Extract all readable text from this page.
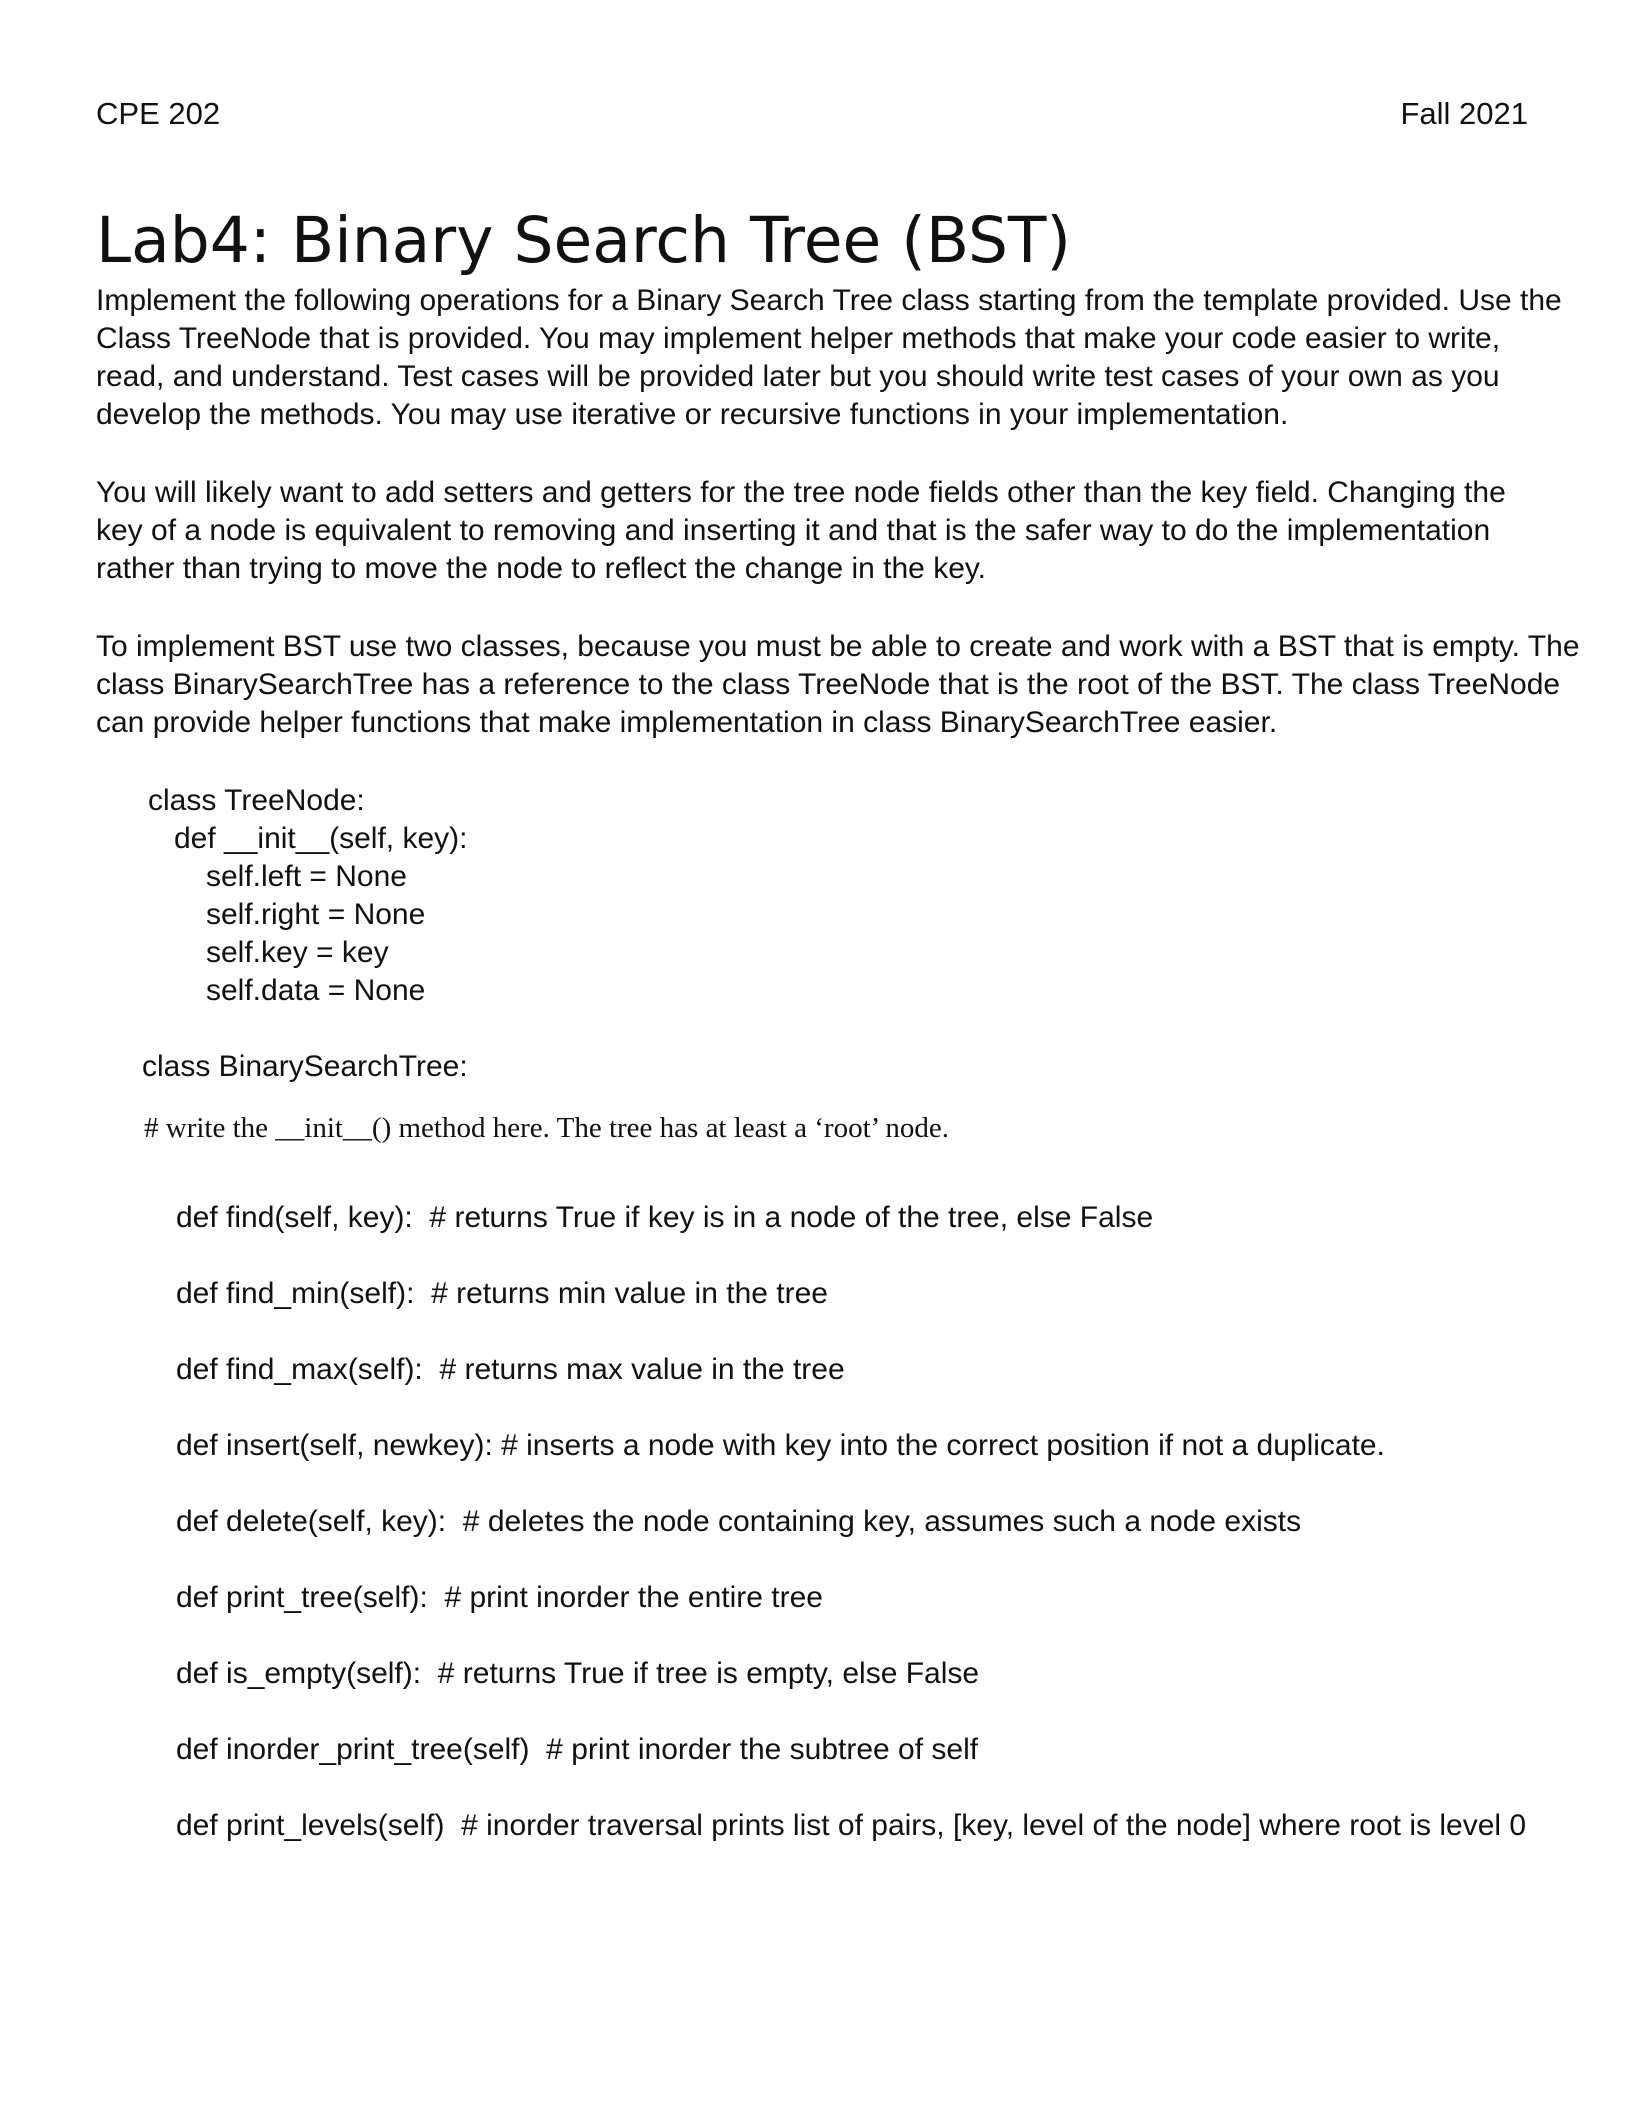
CPE 202	Fall 2021
Lab4: Binary Search Tree (BST)
Implement the following operations for a Binary Search Tree class starting from the template provided. Use the
Class TreeNode that is provided. You may implement helper methods that make your code easier to write,
read, and understand. Test cases will be provided later but you should write test cases of your own as you
develop the methods. You may use iterative or recursive functions in your implementation.
You will likely want to add setters and getters for the tree node fields other than the key field. Changing the
key of a node is equivalent to removing and inserting it and that is the safer way to do the implementation
rather than trying to move the node to reflect the change in the key.
To implement BST use two classes, because you must be able to create and work with a BST that is empty. The
class BinarySearchTree has a reference to the class TreeNode that is the root of the BST. The class TreeNode
can provide helper functions that make implementation in class BinarySearchTree easier.
class TreeNode:
def __init__(self, key):
self.left = None
self.right = None
self.key = key
self.data = None
class BinarySearchTree:
# write the __init__() method here. The tree has at least a ‘root’ node.
def find(self, key):  # returns True if key is in a node of the tree, else False
def find_min(self):  # returns min value in the tree
def find_max(self):  # returns max value in the tree
def insert(self, newkey): # inserts a node with key into the correct position if not a duplicate.
def delete(self, key):  # deletes the node containing key, assumes such a node exists
def print_tree(self):  # print inorder the entire tree
def is_empty(self):  # returns True if tree is empty, else False
def inorder_print_tree(self)  # print inorder the subtree of self
def print_levels(self)  # inorder traversal prints list of pairs, [key, level of the node] where root is level 0
